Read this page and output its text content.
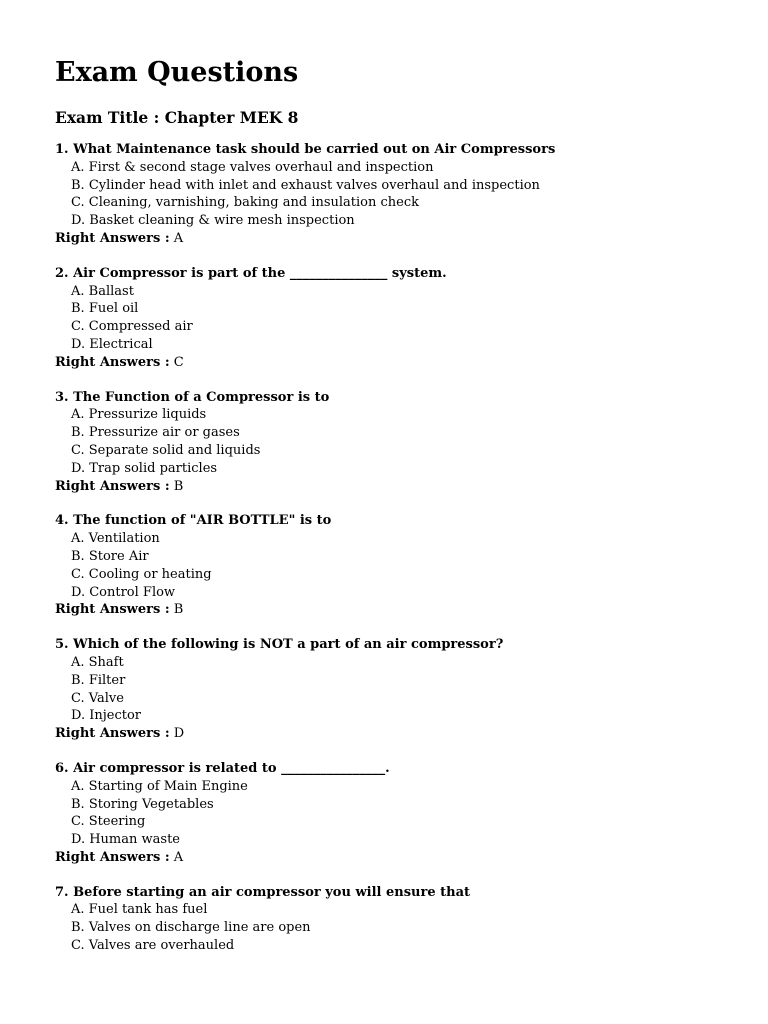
Exam Questions
Exam Title : Chapter MEK 8
1. What Maintenance task should be carried out on Air Compressors
A. First & second stage valves overhaul and inspection
B. Cylinder head with inlet and exhaust valves overhaul and inspection
C. Cleaning, varnishing, baking and insulation check
D. Basket cleaning & wire mesh inspection
Right Answers : A
2. Air Compressor is part of the _______________ system.
A. Ballast
B. Fuel oil
C. Compressed air
D. Electrical
Right Answers : C
3. The Function of a Compressor is to
A. Pressurize liquids
B. Pressurize air or gases
C. Separate solid and liquids
D. Trap solid particles
Right Answers : B
4. The function of "AIR BOTTLE" is to
A. Ventilation
B. Store Air
C. Cooling or heating
D. Control Flow
Right Answers : B
5. Which of the following is NOT a part of an air compressor?
A. Shaft
B. Filter
C. Valve
D. Injector
Right Answers : D
6. Air compressor is related to ________________.
A. Starting of Main Engine
B. Storing Vegetables
C. Steering
D. Human waste
Right Answers : A
7. Before starting an air compressor you will ensure that
A. Fuel tank has fuel
B. Valves on discharge line are open
C. Valves are overhauled
